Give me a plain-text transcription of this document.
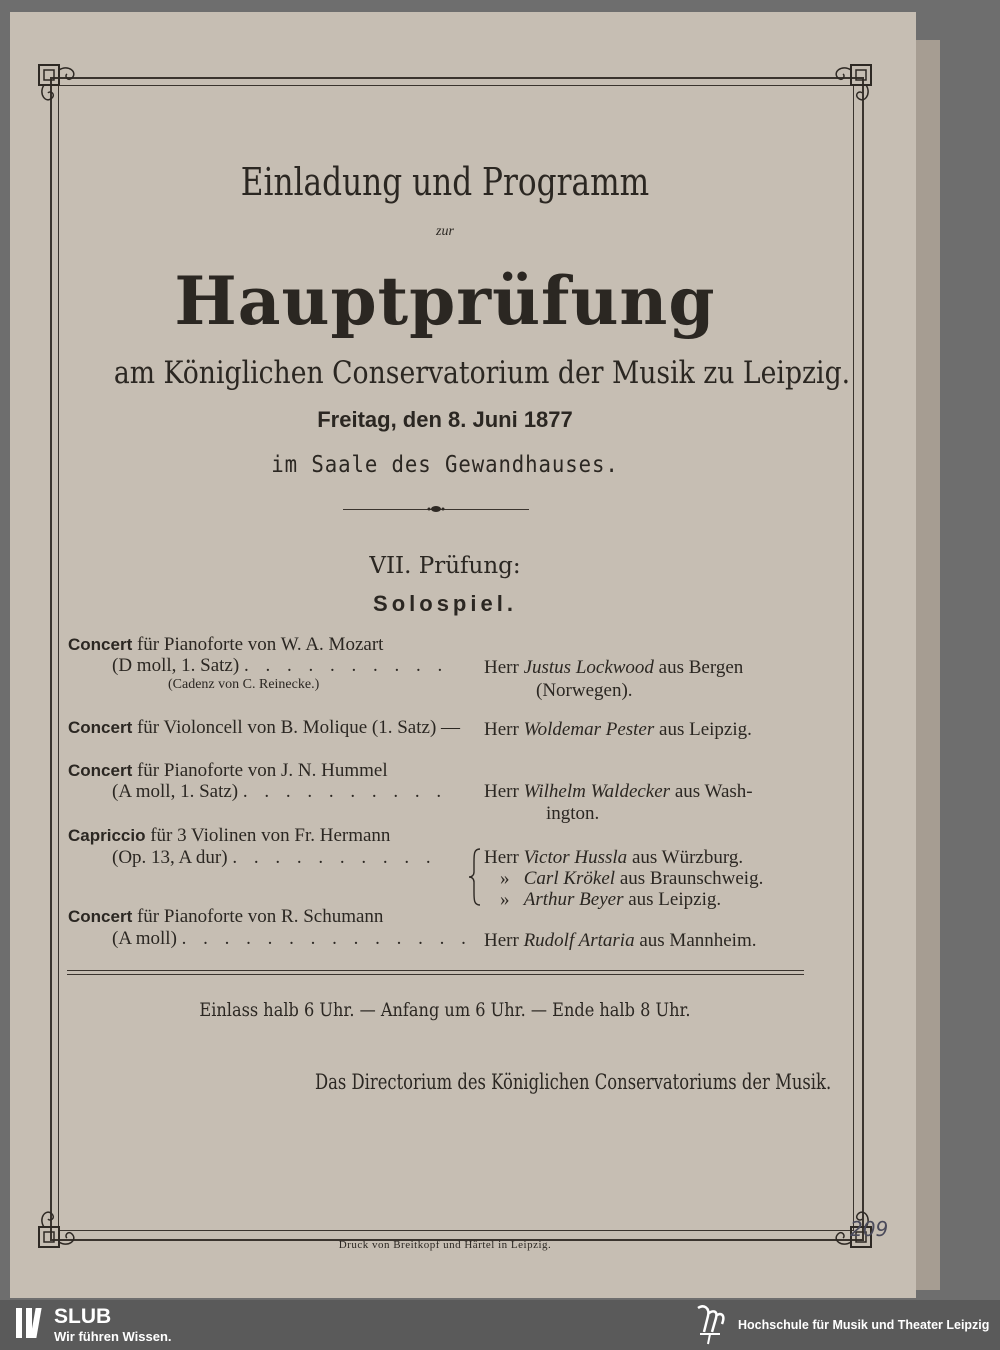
Einladung und Programm
zur
Hauptprüfung
am Königlichen Conservatorium der Musik zu Leipzig.
Freitag, den 8. Juni 1877
im Saale des Gewandhauses.
VII. Prüfung:
Solospiel.
Concert für Pianoforte von W. A. Mozart
(D moll, 1. Satz) . . . . . . . . . .
(Cadenz von C. Reinecke.)
Herr Justus Lockwood aus Bergen
(Norwegen).
Concert für Violoncell von B. Molique (1. Satz) — Herr Woldemar Pester aus Leipzig.
Concert für Pianoforte von J. N. Hummel
(A moll, 1. Satz) . . . . . . . . . . Herr Wilhelm Waldecker aus Wash-
ington.
Capriccio für 3 Violinen von Fr. Hermann
(Op. 13, A dur) . . . . . . . . . . Herr Victor Hussla aus Würzburg.
» Carl Krökel aus Braunschweig.
» Arthur Beyer aus Leipzig.
Concert für Pianoforte von R. Schumann
(A moll) . . . . . . . . . . . . . . Herr Rudolf Artaria aus Mannheim.
Einlass halb 6 Uhr. — Anfang um 6 Uhr. — Ende halb 8 Uhr.
Das Directorium des Königlichen Conservatoriums der Musik.
Druck von Breitkopf und Härtel in Leipzig.
209
SLUB
Wir führen Wissen.
Hochschule für Musik und Theater Leipzig
